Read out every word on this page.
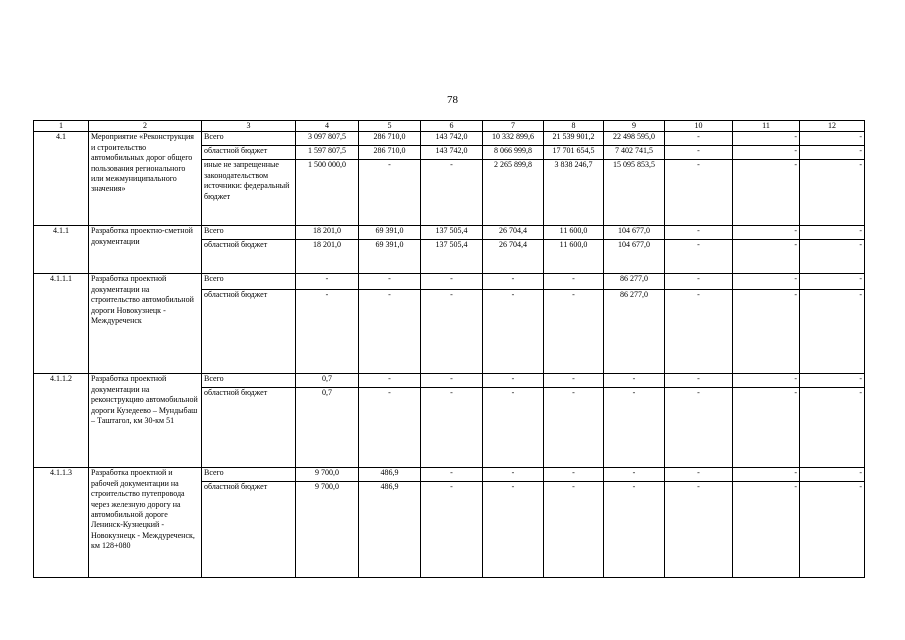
78
1	2	3	4	5	6	7	8	9	10	11	12
4.1	Мероприятие «Реконструкция и строительство автомобильных дорог общего пользования регионального или межмуниципального значения»	Всего	3 097 807,5	286 710,0	143 742,0	10 332 899,6	21 539 901,2	22 498 595,0	-	-	-
		областной бюджет	1 597 807,5	286 710,0	143 742,0	8 066 999,8	17 701 654,5	7 402 741,5	-	-	-
		иные не запрещенные законодательством источники: федеральный бюджет	1 500 000,0	-	-	2 265 899,8	3 838 246,7	15 095 853,5	-	-	-
4.1.1	Разработка проектно-сметной документации	Всего	18 201,0	69 391,0	137 505,4	26 704,4	11 600,0	104 677,0	-	-	-
		областной бюджет	18 201,0	69 391,0	137 505,4	26 704,4	11 600,0	104 677,0	-	-	-
4.1.1.1	Разработка проектной документации на строительство автомобильной дороги Новокузнецк - Междуреченск	Всего	-	-	-	-	-	86 277,0	-	-	-
		областной бюджет	-	-	-	-	-	86 277,0	-	-	-
4.1.1.2	Разработка проектной документации на реконструкцию автомобильной дороги Кузедеево – Мундыбаш – Таштагол, км 30-км 51	Всего	0,7	-	-	-	-	-	-	-	-
		областной бюджет	0,7	-	-	-	-	-	-	-	-
4.1.1.3	Разработка проектной и рабочей документации на строительство путепровода через железную дорогу на автомобильной дороге Ленинск-Кузнецкий - Новокузнецк - Междуреченск, км 128+080	Всего	9 700,0	486,9	-	-	-	-	-	-	-
		областной бюджет	9 700,0	486,9	-	-	-	-	-	-	-
